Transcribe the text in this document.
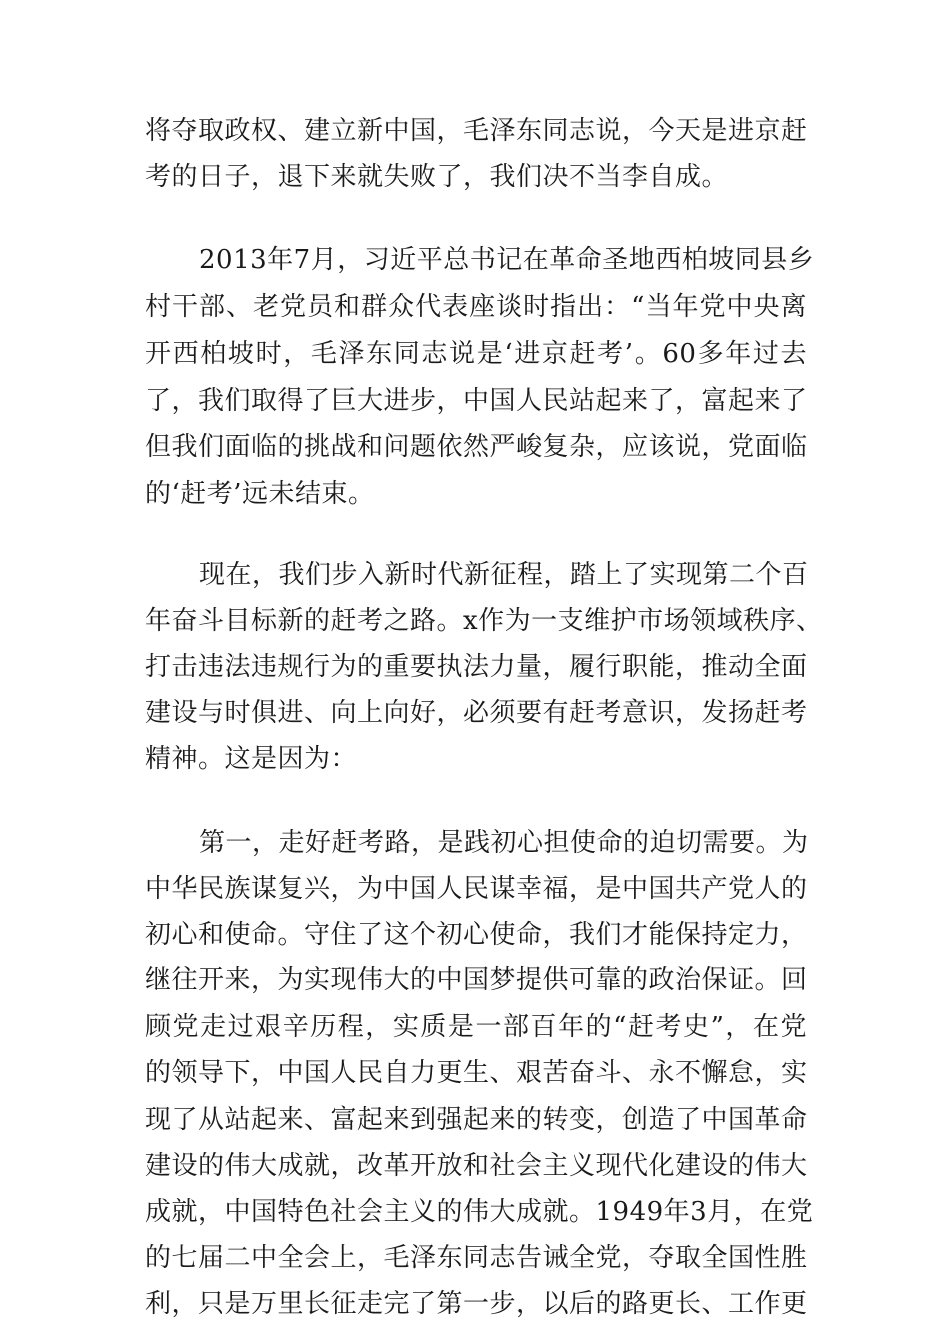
将夺取政权、建立新中国，毛泽东同志说，今天是进京赶
考的日子，退下来就失败了，我们决不当李自成。
2013年7月，习近平总书记在革命圣地西柏坡同县乡
村干部、老党员和群众代表座谈时指出：“当年党中央离
开西柏坡时，毛泽东同志说是‘进京赶考’。60多年过去
了，我们取得了巨大进步，中国人民站起来了，富起来了
但我们面临的挑战和问题依然严峻复杂，应该说，党面临
的‘赶考’远未结束。
现在，我们步入新时代新征程，踏上了实现第二个百
年奋斗目标新的赶考之路。x作为一支维护市场领域秩序、
打击违法违规行为的重要执法力量，履行职能，推动全面
建设与时俱进、向上向好，必须要有赶考意识，发扬赶考
精神。这是因为：
第一，走好赶考路，是践初心担使命的迫切需要。为
中华民族谋复兴，为中国人民谋幸福，是中国共产党人的
初心和使命。守住了这个初心使命，我们才能保持定力，
继往开来，为实现伟大的中国梦提供可靠的政治保证。回
顾党走过艰辛历程，实质是一部百年的“赶考史”，在党
的领导下，中国人民自力更生、艰苦奋斗、永不懈怠，实
现了从站起来、富起来到强起来的转变，创造了中国革命
建设的伟大成就，改革开放和社会主义现代化建设的伟大
成就，中国特色社会主义的伟大成就。1949年3月，在党
的七届二中全会上，毛泽东同志告诫全党，夺取全国性胜
利，只是万里长征走完了第一步，以后的路更长、工作更
